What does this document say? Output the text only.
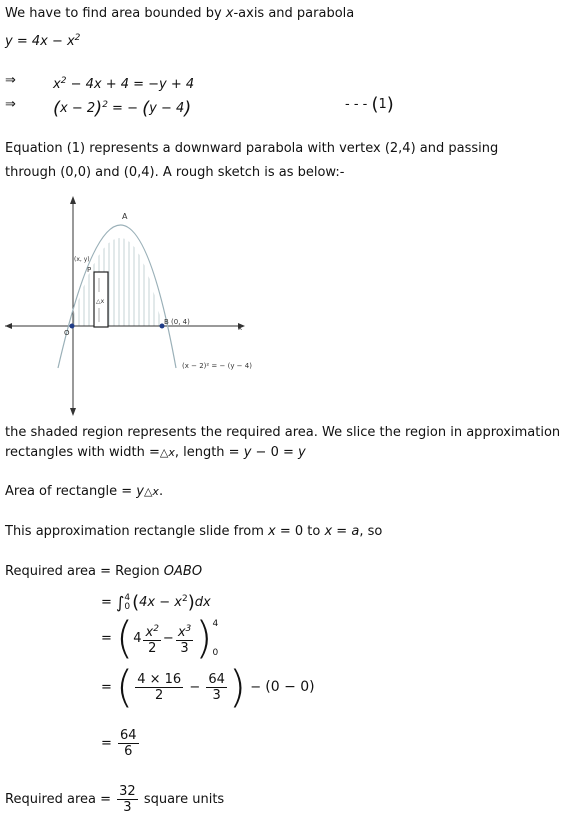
We have to find area bounded by x-axis and parabola
$y = 4x - x^2$
⇒	$x^2 - 4x + 4 = -y + 4$
⇒ $(x - 2)^2$ = − (y − 4)	- - - (1)
Equation (1) represents a downward parabola with vertex (2,4) and passing
through (0,0) and (0,4). A rough sketch is as below:-
A
P
(x, y)
O
B (0, 4)
x
△x
(x − 2)² = − (y − 4)
the shaded region represents the required area. We slice the region in approximation
rectangles with width =△x, length = y − 0 = y
Area of rectangle = y△x.
This approximation rectangle slide from x = 0 to x = a, so
Required area = Region OABO
= ∫ 4
0 $(4x - x^2)dx$
= ($4 \frac{x^2}{2} - \frac{x^3}{3}$ ) 4
0
= ( $\frac{4 \times 16}{2} - \frac{64}{3}$ ) − (0 − 0)
= $\frac{64}{6}$
Required area = $\frac{32}{3}$ square units
